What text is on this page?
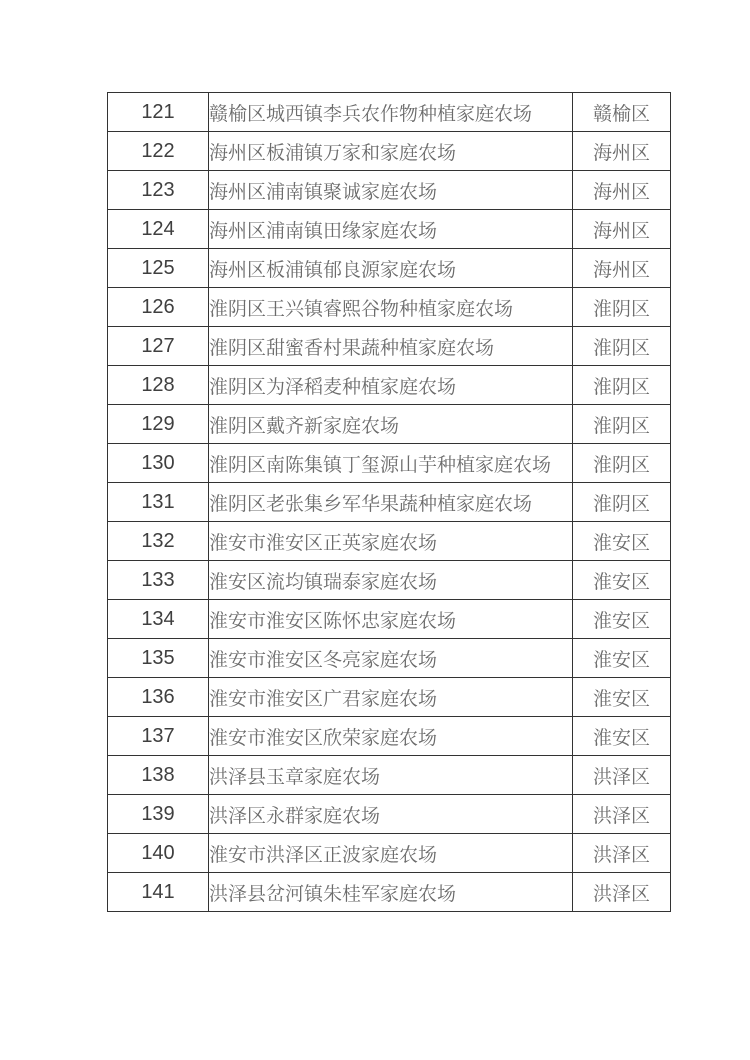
121	赣榆区城西镇李兵农作物种植家庭农场	赣榆区
122	海州区板浦镇万家和家庭农场	海州区
123	海州区浦南镇聚诚家庭农场	海州区
124	海州区浦南镇田缘家庭农场	海州区
125	海州区板浦镇郁良源家庭农场	海州区
126	淮阴区王兴镇睿熙谷物种植家庭农场	淮阴区
127	淮阴区甜蜜香村果蔬种植家庭农场	淮阴区
128	淮阴区为泽稻麦种植家庭农场	淮阴区
129	淮阴区戴齐新家庭农场	淮阴区
130	淮阴区南陈集镇丁玺源山芋种植家庭农场	淮阴区
131	淮阴区老张集乡军华果蔬种植家庭农场	淮阴区
132	淮安市淮安区正英家庭农场	淮安区
133	淮安区流均镇瑞泰家庭农场	淮安区
134	淮安市淮安区陈怀忠家庭农场	淮安区
135	淮安市淮安区冬亮家庭农场	淮安区
136	淮安市淮安区广君家庭农场	淮安区
137	淮安市淮安区欣荣家庭农场	淮安区
138	洪泽县玉章家庭农场	洪泽区
139	洪泽区永群家庭农场	洪泽区
140	淮安市洪泽区正波家庭农场	洪泽区
141	洪泽县岔河镇朱桂军家庭农场	洪泽区
